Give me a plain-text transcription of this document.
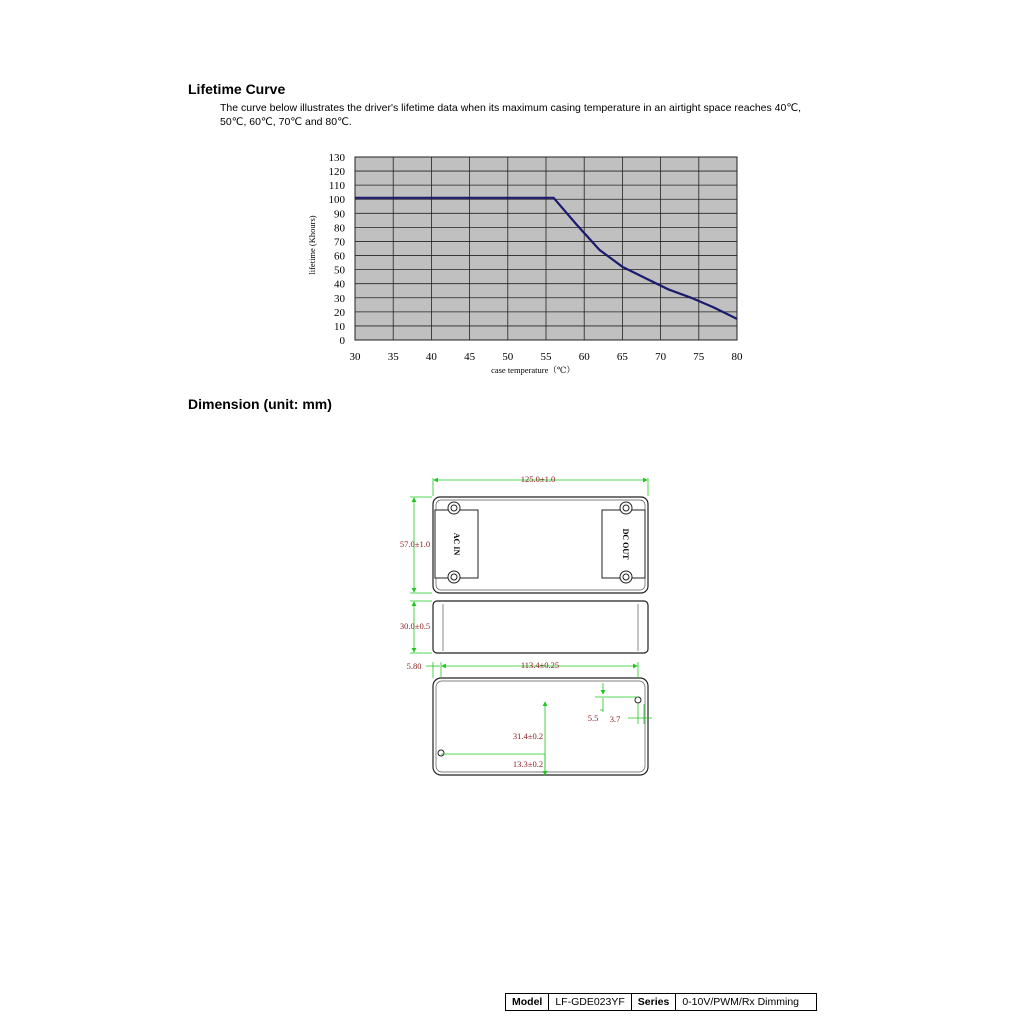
Lifetime Curve
The curve below illustrates the driver's lifetime data when its maximum casing temperature in an airtight space reaches 40℃,
50℃, 60℃, 70℃ and 80℃.
0
10
20
30
40
50
60
70
80
90
100
110
120
130
30 35 40 45 50 55 60 65 70 75 80
lifetime (Khours)
case temperature（℃）
Dimension (unit: mm)
AC IN	DC OUT
125.0±1.0
57.0±1.0
30.0±0.5
113.4±0.25
5.80
5.5 3.7
31.4±0.2
13.3±0.2
Model	LF-GDE023YF	Series	0-10V/PWM/Rx Dimming
